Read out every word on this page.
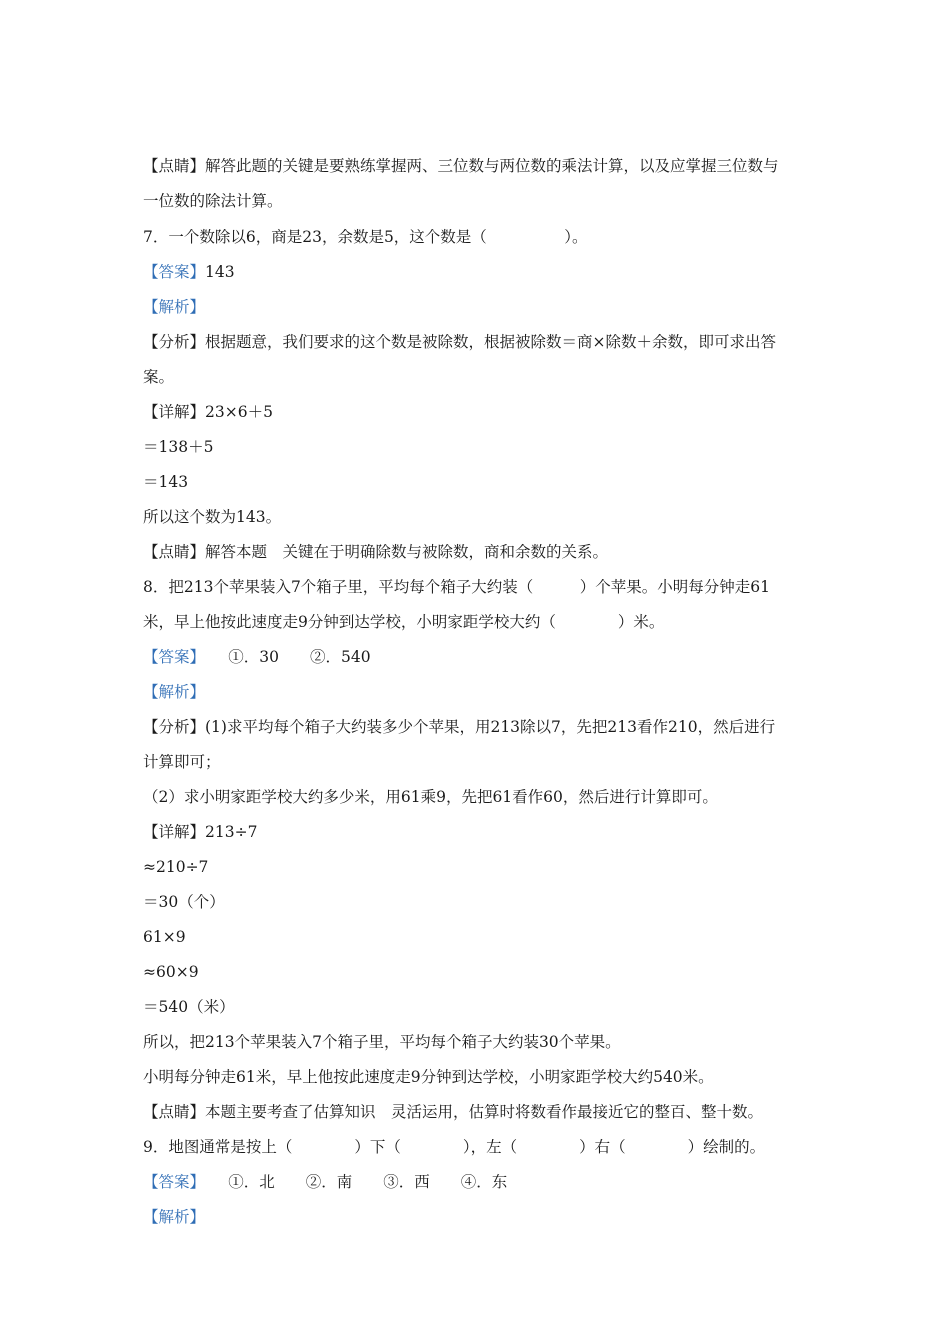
【点睛】解答此题的关键是要熟练掌握两、三位数与两位数的乘法计算，以及应掌握三位数与
一位数的除法计算。
7．一个数除以6，商是23，余数是5，这个数是（　　　　　）。
【答案】143
【解析】
【分析】根据题意，我们要求的这个数是被除数，根据被除数＝商×除数＋余数，即可求出答
案。
【详解】23×6＋5
＝138＋5
＝143
所以这个数为143。
【点睛】解答本题　关键在于明确除数与被除数，商和余数的关系。
8．把213个苹果装入7个箱子里，平均每个箱子大约装（　　　）个苹果。小明每分钟走61
米，早上他按此速度走9分钟到达学校，小明家距学校大约（　　　　）米。
【答案】　　①．30　　②．540
【解析】
【分析】(1)求平均每个箱子大约装多少个苹果，用213除以7，先把213看作210，然后进行
计算即可；
（2）求小明家距学校大约多少米，用61乘9，先把61看作60，然后进行计算即可。
【详解】213÷7
≈210÷7
＝30（个）
61×9
≈60×9
＝540（米）
所以，把213个苹果装入7个箱子里，平均每个箱子大约装30个苹果。
小明每分钟走61米，早上他按此速度走9分钟到达学校，小明家距学校大约540米。
【点睛】本题主要考查了估算知识　灵活运用，估算时将数看作最接近它的整百、整十数。
9．地图通常是按上（　　　　）下（　　　　），左（　　　　）右（　　　　）绘制的。
【答案】　　①．北　　②．南　　③．西　　④．东
【解析】
